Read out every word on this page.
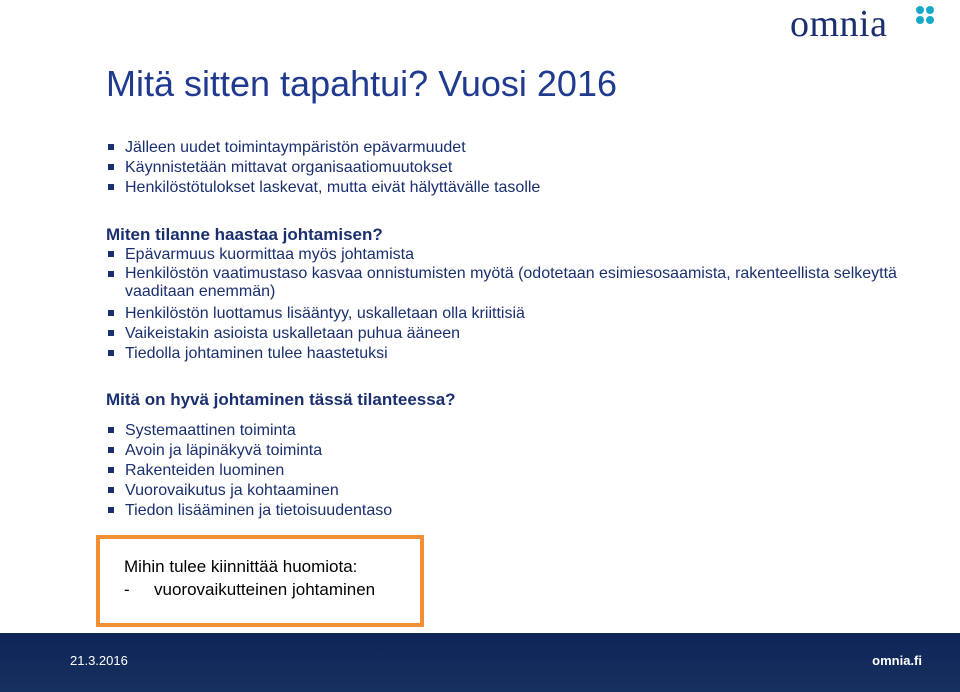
omnia
Mitä sitten tapahtui? Vuosi 2016
Jälleen uudet toimintaympäristön epävarmuudet
Käynnistetään mittavat organisaatiomuutokset
Henkilöstötulokset laskevat, mutta eivät hälyttävälle tasolle
Miten tilanne haastaa johtamisen?
Epävarmuus kuormittaa myös johtamista
Henkilöstön vaatimustaso kasvaa onnistumisten myötä (odotetaan esimiesosaamista, rakenteellista selkeyttä vaaditaan enemmän)
Henkilöstön luottamus lisääntyy, uskalletaan olla kriittisiä
Vaikeistakin asioista uskalletaan puhua ääneen
Tiedolla johtaminen tulee haastetuksi
Mitä on hyvä johtaminen tässä tilanteessa?
Systemaattinen toiminta
Avoin ja läpinäkyvä toiminta
Rakenteiden luominen
Vuorovaikutus ja kohtaaminen
Tiedon lisääminen ja tietoisuudentaso
Mihin tulee kiinnittää huomiota:
- vuorovaikutteinen johtaminen
21.3.2016	omnia.fi
